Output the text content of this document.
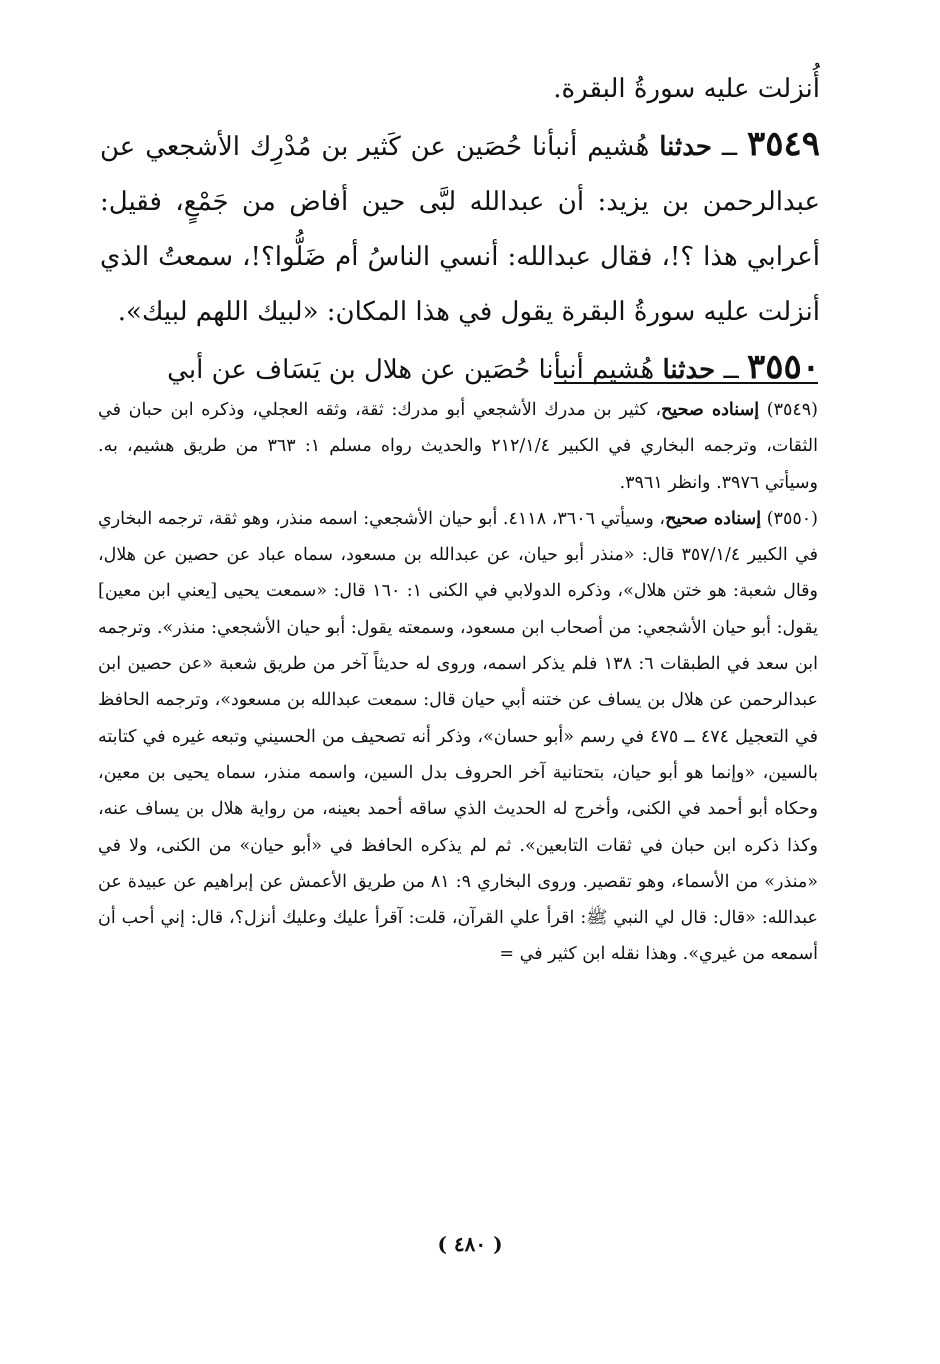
أُنزلت عليه سورةُ البقرة.

٣٥٤٩ ــ حدثنا هُشيم أنبأنا حُصَين عن كَثير بن مُدْرِك الأشجعي عن عبدالرحمن بن يزيد: أن عبدالله لبَّى حين أفاض من جَمْعٍ، فقيل: أعرابي هذا ؟!، فقال عبدالله: أنسي الناسُ أم ضَلُّوا؟!، سمعتُ الذي أنزلت عليه سورةُ البقرة يقول في هذا المكان: «لبيك اللهم لبيك».

٣٥٥٠ ــ حدثنا هُشيم أنبأنا حُصَين عن هلال بن يَسَاف عن أبي

(٣٥٤٩) إسناده صحيح، كثير بن مدرك الأشجعي أبو مدرك: ثقة، وثقه العجلي، وذكره ابن حبان في الثقات، وترجمه البخاري في الكبير ٢١٢/١/٤ والحديث رواه مسلم ١: ٣٦٣ من طريق هشيم، به. وسيأتي ٣٩٧٦. وانظر ٣٩٦١.

(٣٥٥٠) إسناده صحيح، وسيأتي ٣٦٠٦، ٤١١٨. أبو حيان الأشجعي: اسمه منذر، وهو ثقة، ترجمه البخاري في الكبير ٣٥٧/١/٤ قال: «منذر أبو حيان، عن عبدالله بن مسعود، سماه عباد عن حصين عن هلال، وقال شعبة: هو ختن هلال»، وذكره الدولابي في الكنى ١: ١٦٠ قال: «سمعت يحيى [يعني ابن معين] يقول: أبو حيان الأشجعي: من أصحاب ابن مسعود، وسمعته يقول: أبو حيان الأشجعي: منذر». وترجمه ابن سعد في الطبقات ٦: ١٣٨ فلم يذكر اسمه، وروى له حديثاً آخر من طريق شعبة «عن حصين ابن عبدالرحمن عن هلال بن يساف عن ختنه أبي حيان قال: سمعت عبدالله بن مسعود»، وترجمه الحافظ في التعجيل ٤٧٤ ــ ٤٧٥ في رسم «أبو حسان»، وذكر أنه تصحيف من الحسيني وتبعه غيره في كتابته بالسين، «وإنما هو أبو حيان، بتحتانية آخر الحروف بدل السين، واسمه منذر، سماه يحيى بن معين، وحكاه أبو أحمد في الكنى، وأخرج له الحديث الذي ساقه أحمد بعينه، من رواية هلال بن يساف عنه، وكذا ذكره ابن حبان في ثقات التابعين». ثم لم يذكره الحافظ في «أبو حيان» من الكنى، ولا في «منذر» من الأسماء، وهو تقصير. وروى البخاري ٩: ٨١ من طريق الأعمش عن إبراهيم عن عبيدة عن عبدالله: «قال: قال لي النبي ﷺ: اقرأ علي القرآن، قلت: آقرأ عليك وعليك أنزل؟، قال: إني أحب أن أسمعه من غيري». وهذا نقله ابن كثير في =

( ٤٨٠ )
